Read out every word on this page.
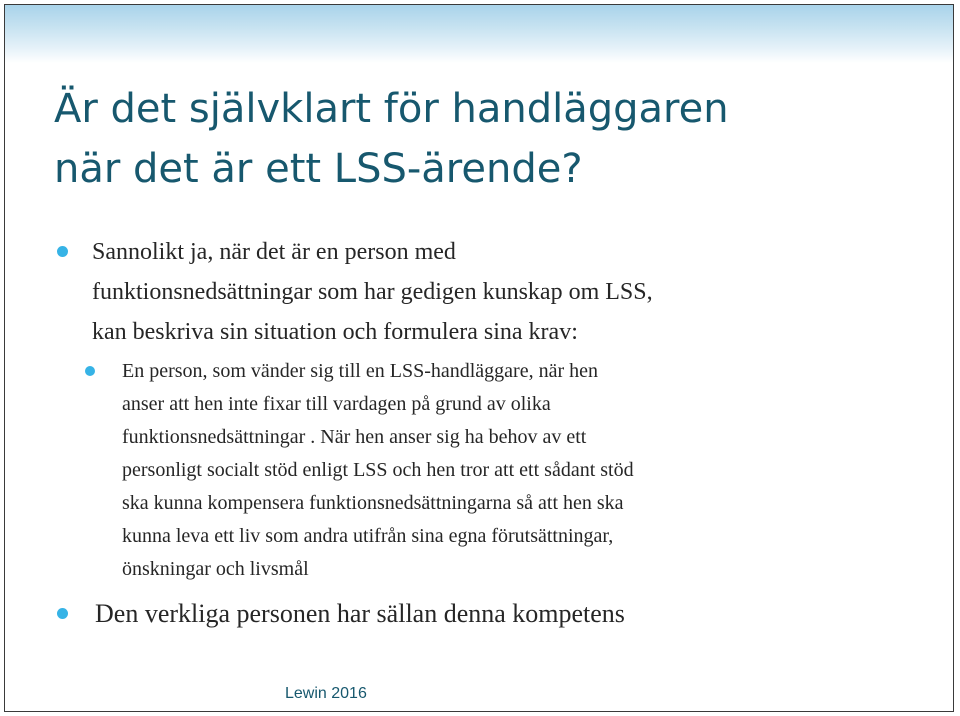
Är det självklart för handläggaren
när det är ett LSS-ärende?
Sannolikt ja, när det är en person med
funktionsnedsättningar som har gedigen kunskap om LSS,
kan beskriva sin situation och formulera sina krav:
En person, som vänder sig till en LSS-handläggare, när hen
anser att hen inte fixar till vardagen på grund av olika
funktionsnedsättningar . När hen anser sig ha behov av ett
personligt socialt stöd enligt LSS och hen tror att ett sådant stöd
ska kunna kompensera funktionsnedsättningarna så att hen ska
kunna leva ett liv som andra utifrån sina egna förutsättningar,
önskningar och livsmål
Den verkliga personen har sällan denna kompetens
Lewin 2016
